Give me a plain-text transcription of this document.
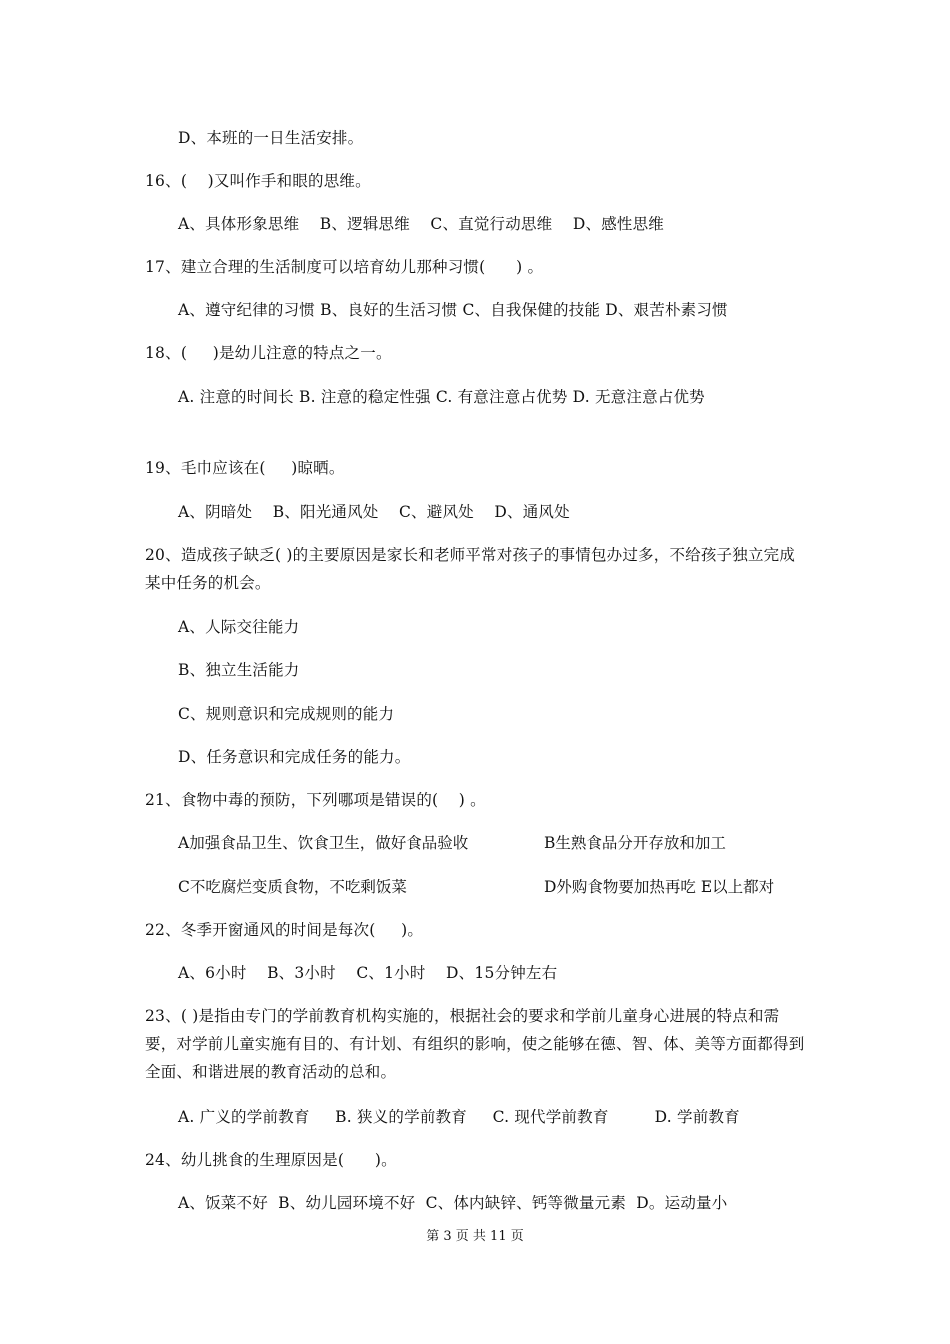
D、本班的一日生活安排。
16、(    )又叫作手和眼的思维。
A、具体形象思维    B、逻辑思维    C、直觉行动思维    D、感性思维
17、建立合理的生活制度可以培育幼儿那种习惯(      ) 。
A、遵守纪律的习惯 B、良好的生活习惯 C、自我保健的技能 D、艰苦朴素习惯
18、(     )是幼儿注意的特点之一。
A. 注意的时间长 B. 注意的稳定性强 C. 有意注意占优势 D. 无意注意占优势
19、毛巾应该在(     )晾晒。
A、阴暗处    B、阳光通风处    C、避风处    D、通风处
20、造成孩子缺乏( )的主要原因是家长和老师平常对孩子的事情包办过多，不给孩子独立完成某中任务的机会。
A、人际交往能力
B、独立生活能力
C、规则意识和完成规则的能力
D、任务意识和完成任务的能力。
21、食物中毒的预防，下列哪项是错误的(    ) 。
A加强食品卫生、饮食卫生，做好食品验收	B生熟食品分开存放和加工
C不吃腐烂变质食物，不吃剩饭菜	D外购食物要加热再吃 E以上都对
22、冬季开窗通风的时间是每次(     )。
A、6小时    B、3小时    C、1小时    D、15分钟左右
23、( )是指由专门的学前教育机构实施的，根据社会的要求和学前儿童身心进展的特点和需要，对学前儿童实施有目的、有计划、有组织的影响，使之能够在德、智、体、美等方面都得到全面、和谐进展的教育活动的总和。
A. 广义的学前教育     B. 狭义的学前教育     C. 现代学前教育         D. 学前教育
24、幼儿挑食的生理原因是(      )。
A、饭菜不好  B、幼儿园环境不好  C、体内缺锌、钙等微量元素  D。运动量小
第 3 页 共 11 页
